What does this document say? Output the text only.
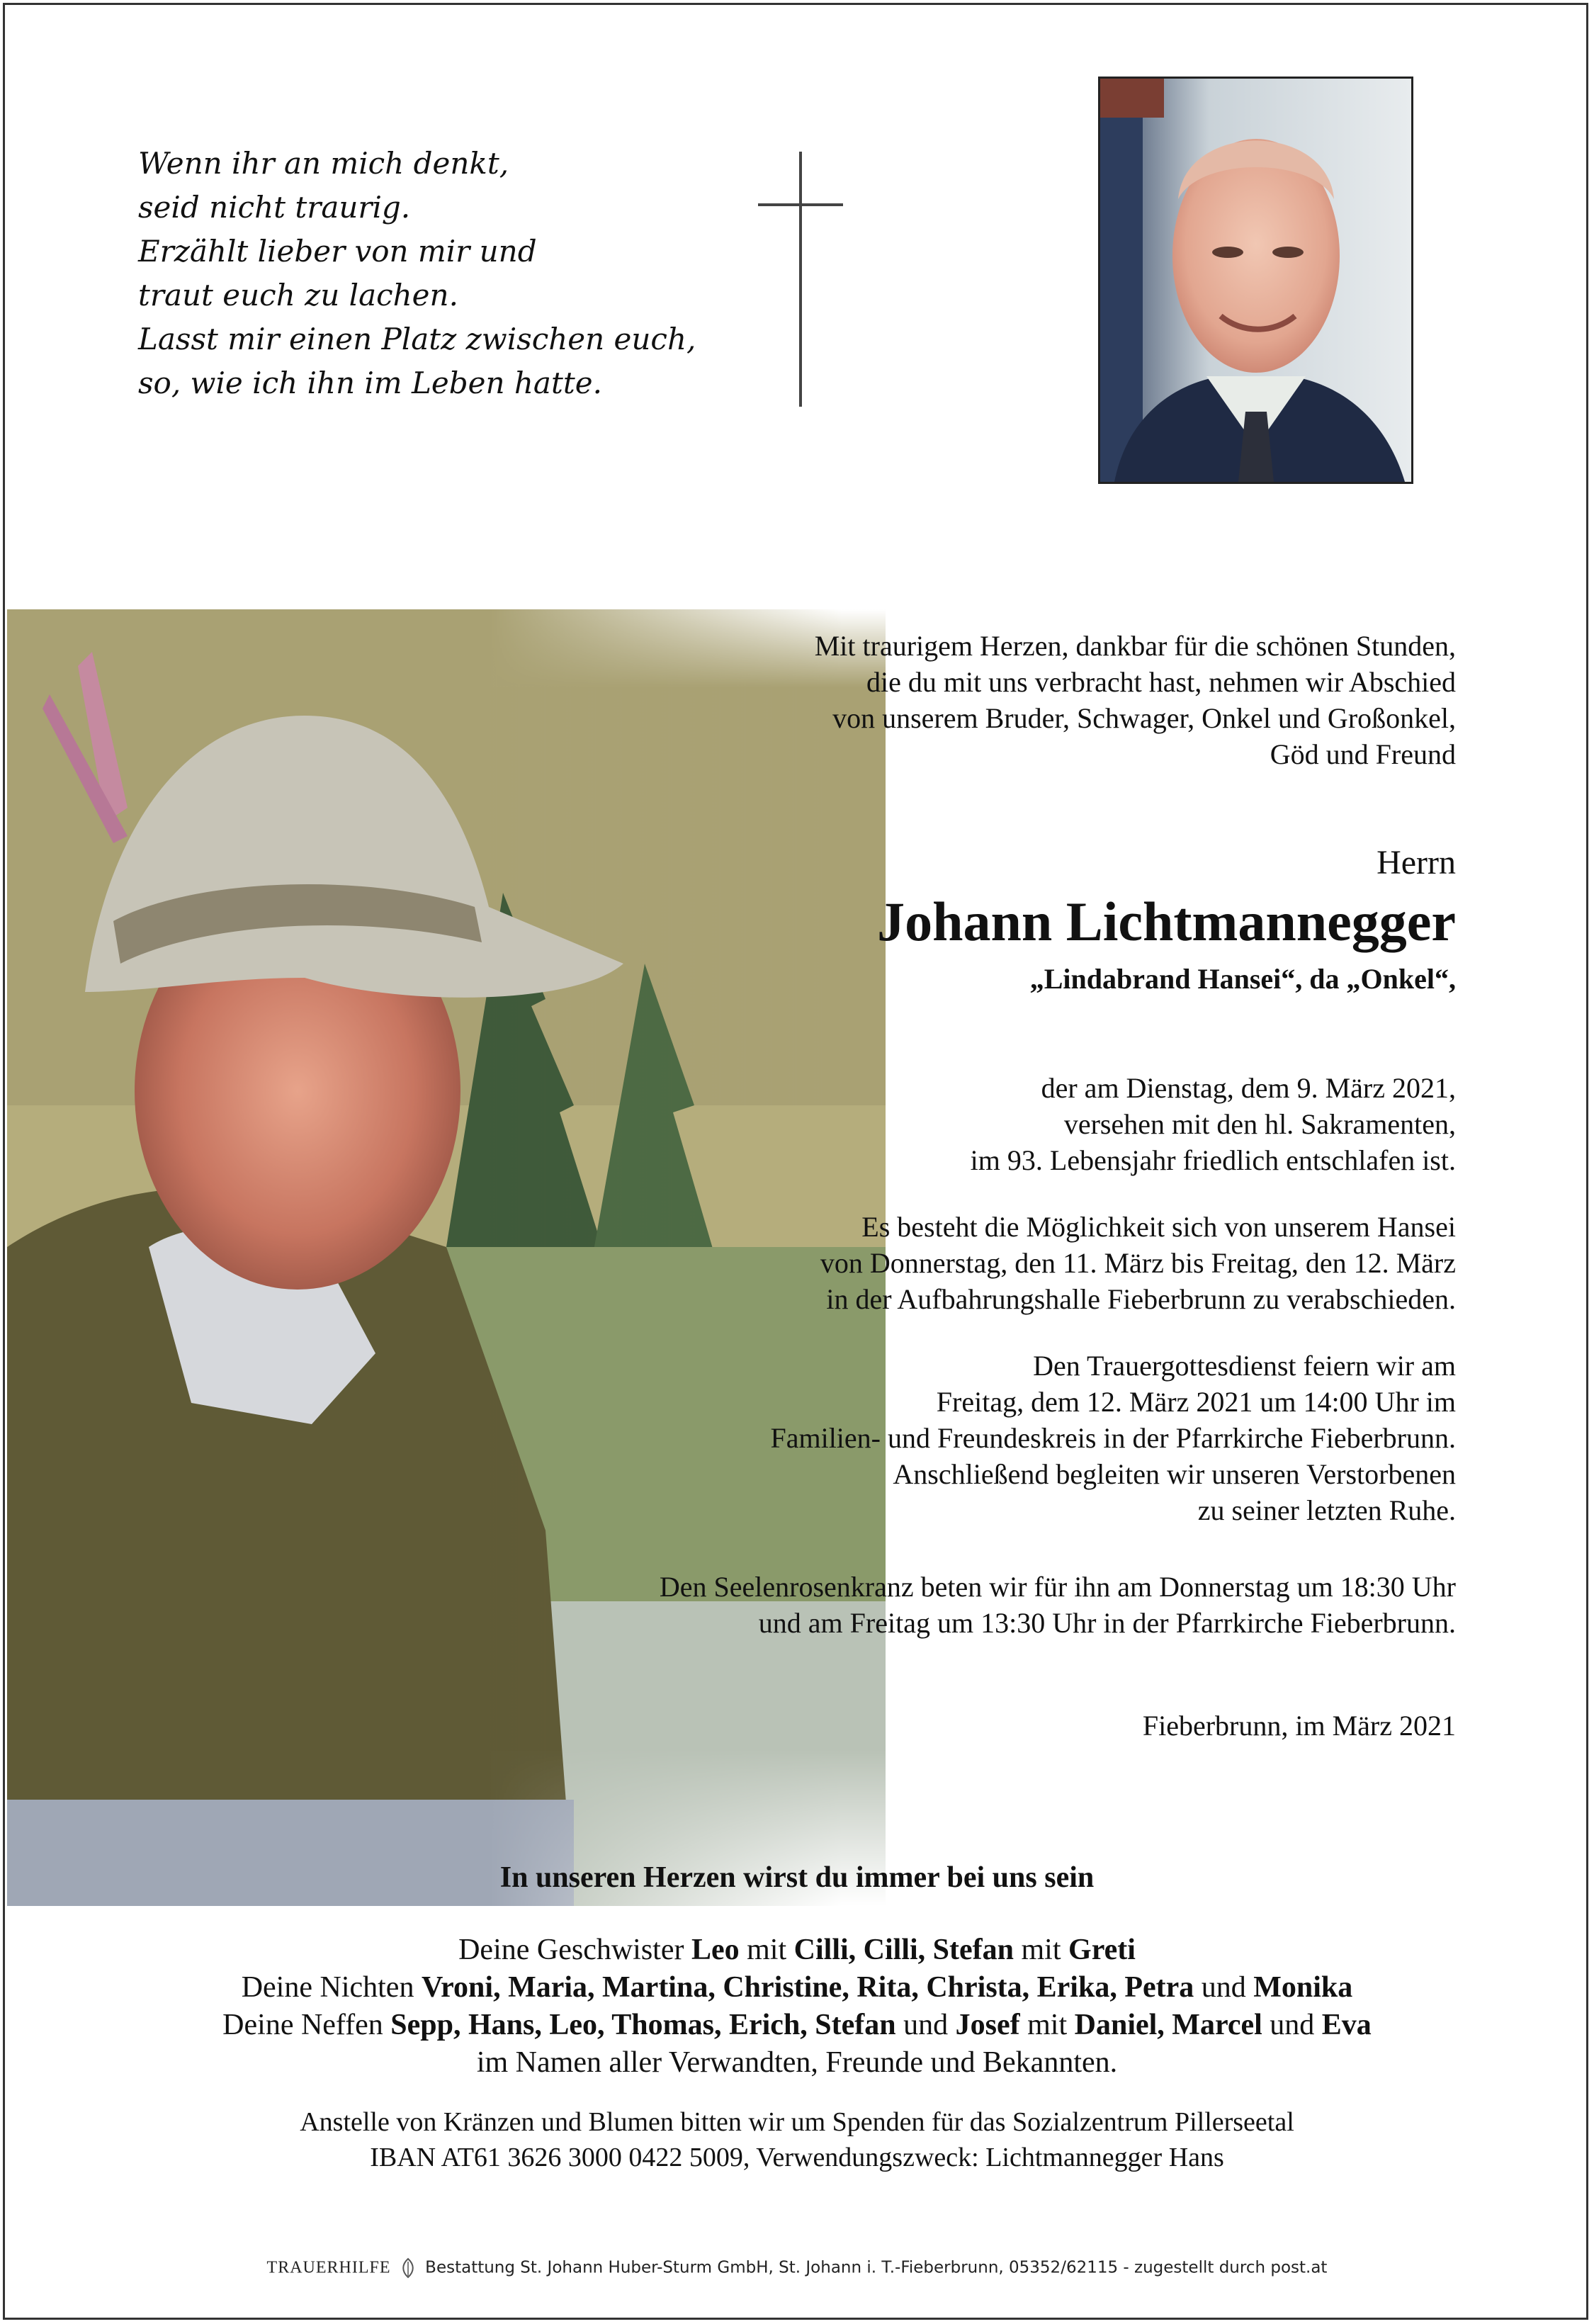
Wenn ihr an mich denkt,
seid nicht traurig.
Erzählt lieber von mir und
traut euch zu lachen.
Lasst mir einen Platz zwischen euch,
so, wie ich ihn im Leben hatte.
Mit traurigem Herzen, dankbar für die schönen Stunden,
die du mit uns verbracht hast, nehmen wir Abschied
von unserem Bruder, Schwager, Onkel und Großonkel,
Göd und Freund
Herrn
Johann Lichtmannegger
„Lindabrand Hansei“, da „Onkel“,
der am Dienstag, dem 9. März 2021,
versehen mit den hl. Sakramenten,
im 93. Lebensjahr friedlich entschlafen ist.
Es besteht die Möglichkeit sich von unserem Hansei
von Donnerstag, den 11. März bis Freitag, den 12. März
in der Aufbahrungshalle Fieberbrunn zu verabschieden.
Den Trauergottesdienst feiern wir am
Freitag, dem 12. März 2021 um 14:00 Uhr im
Familien- und Freundeskreis in der Pfarrkirche Fieberbrunn.
Anschließend begleiten wir unseren Verstorbenen
zu seiner letzten Ruhe.
Den Seelenrosenkranz beten wir für ihn am Donnerstag um 18:30 Uhr
und am Freitag um 13:30 Uhr in der Pfarrkirche Fieberbrunn.
Fieberbrunn, im März 2021
In unseren Herzen wirst du immer bei uns sein
Deine Geschwister Leo mit Cilli, Cilli, Stefan mit Greti
Deine Nichten Vroni, Maria, Martina, Christine, Rita, Christa, Erika, Petra und Monika
Deine Neffen Sepp, Hans, Leo, Thomas, Erich, Stefan und Josef mit Daniel, Marcel und Eva
im Namen aller Verwandten, Freunde und Bekannten.
Anstelle von Kränzen und Blumen bitten wir um Spenden für das Sozialzentrum Pillerseetal
IBAN AT61 3626 3000 0422 5009, Verwendungszweck: Lichtmannegger Hans
TRAUERHILFE Bestattung St. Johann Huber-Sturm GmbH, St. Johann i. T.-Fieberbrunn, 05352/62115 - zugestellt durch post.at
